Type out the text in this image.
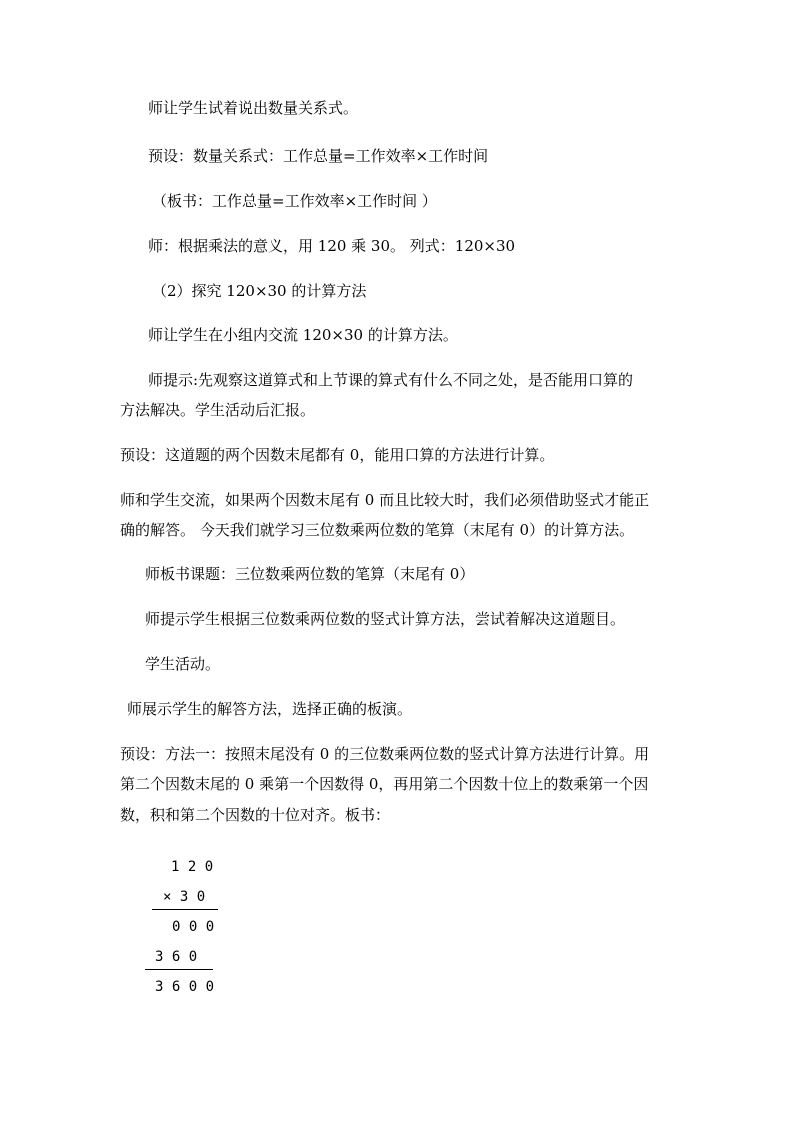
师让学生试着说出数量关系式。
预设：数量关系式：工作总量=工作效率×工作时间
（板书：工作总量=工作效率×工作时间 ）
师：根据乘法的意义，用 120 乘 30。 列式：120×30
（2）探究 120×30 的计算方法
师让学生在小组内交流 120×30 的计算方法。
师提示:先观察这道算式和上节课的算式有什么不同之处，是否能用口算的
方法解决。学生活动后汇报。
预设：这道题的两个因数末尾都有 0，能用口算的方法进行计算。
师和学生交流，如果两个因数末尾有 0 而且比较大时，我们必须借助竖式才能正
确的解答。 今天我们就学习三位数乘两位数的笔算（末尾有 0）的计算方法。
师板书课题：三位数乘两位数的笔算（末尾有 0）
师提示学生根据三位数乘两位数的竖式计算方法，尝试着解决这道题目。
学生活动。
师展示学生的解答方法，选择正确的板演。
预设：方法一：按照末尾没有 0 的三位数乘两位数的竖式计算方法进行计算。用
第二个因数末尾的 0 乘第一个因数得 0，再用第二个因数十位上的数乘第一个因
数，积和第二个因数的十位对齐。板书：
1 2 0
× 3 0
0 0 0
3 6 0
3 6 0 0
